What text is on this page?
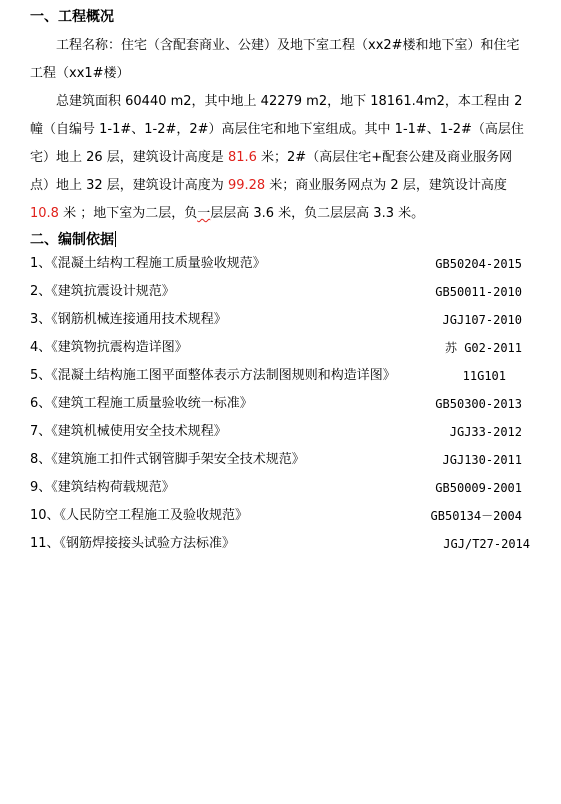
一、工程概况
工程名称：住宅（含配套商业、公建）及地下室工程（xx2#楼和地下室）和住宅工程（xx1#楼）
总建筑面积 60440 m2，其中地上 42279 m2，地下 18161.4m2，本工程由 2 幢（自编号 1-1#、1-2#，2#）高层住宅和地下室组成。其中 1-1#、1-2#（高层住宅）地上 26 层，建筑设计高度是 81.6 米；2#（高层住宅+配套公建及商业服务网点）地上 32 层，建筑设计高度为 99.28 米；商业服务网点为 2 层，建筑设计高度 10.8 米 ；地下室为二层，负一层层高 3.6 米，负二层层高 3.3 米。
二、编制依据
1、《混凝土结构工程施工质量验收规范》	GB50204-2015
2、《建筑抗震设计规范》	GB50011-2010
3、《钢筋机械连接通用技术规程》	JGJ107-2010
4、《建筑物抗震构造详图》	苏 G02-2011
5、《混凝土结构施工图平面整体表示方法制图规则和构造详图》	11G101
6、《建筑工程施工质量验收统一标准》	GB50300-2013
7、《建筑机械使用安全技术规程》	JGJ33-2012
8、《建筑施工扣件式钢管脚手架安全技术规范》	JGJ130-2011
9、《建筑结构荷载规范》	GB50009-2001
10、《人民防空工程施工及验收规范》	GB50134－2004
11、《钢筋焊接接头试验方法标准》	JGJ/T27-2014
